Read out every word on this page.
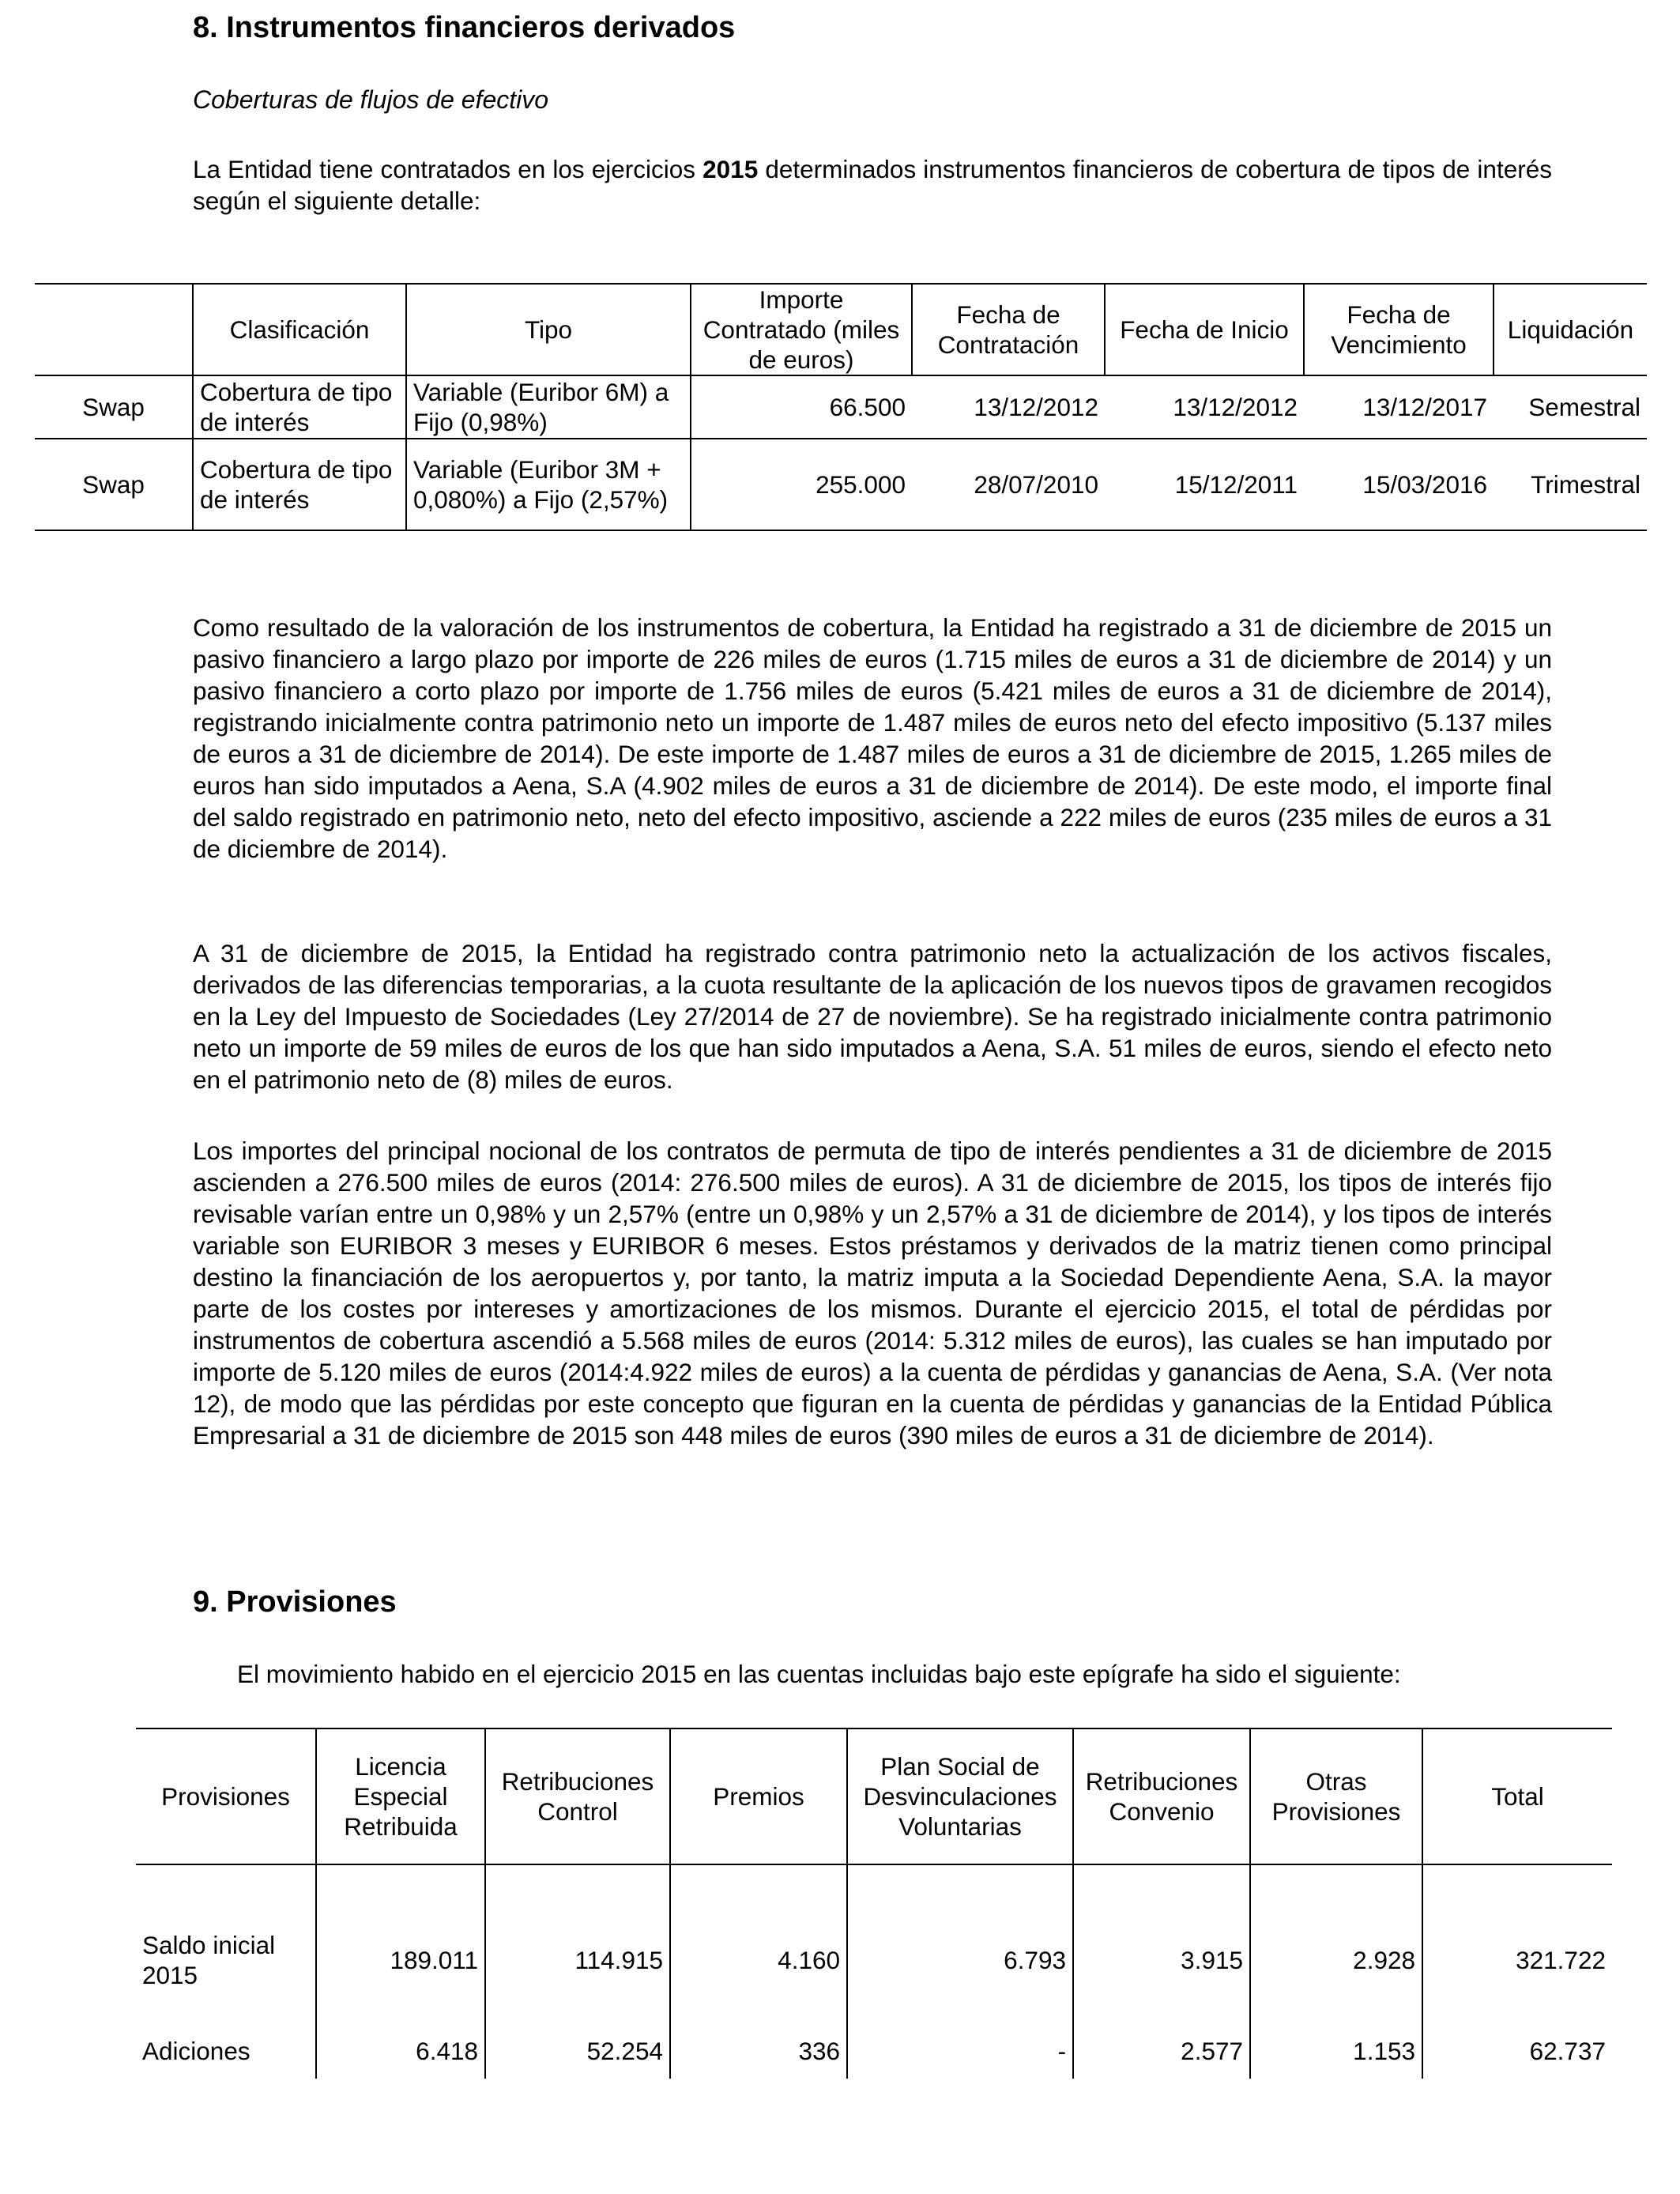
8. Instrumentos financieros derivados
Coberturas de flujos de efectivo
La Entidad tiene contratados en los ejercicios 2015 determinados instrumentos financieros de cobertura de tipos de interés según el siguiente detalle:
	Clasificación	Tipo	Importe Contratado (miles de euros)	Fecha de Contratación	Fecha de Inicio	Fecha de Vencimiento	Liquidación
Swap	Cobertura de tipo de interés	Variable (Euribor 6M) a Fijo (0,98%)	66.500	13/12/2012	13/12/2012	13/12/2017	Semestral
Swap	Cobertura de tipo de interés	Variable (Euribor 3M + 0,080%) a Fijo (2,57%)	255.000	28/07/2010	15/12/2011	15/03/2016	Trimestral
Como resultado de la valoración de los instrumentos de cobertura, la Entidad ha registrado a 31 de diciembre de 2015 un pasivo financiero a largo plazo por importe de 226 miles de euros (1.715 miles de euros a 31 de diciembre de 2014) y un pasivo financiero a corto plazo por importe de 1.756 miles de euros (5.421 miles de euros a 31 de diciembre de 2014), registrando inicialmente contra patrimonio neto un importe de 1.487 miles de euros neto del efecto impositivo (5.137 miles de euros a 31 de diciembre de 2014). De este importe de 1.487 miles de euros a 31 de diciembre de 2015, 1.265 miles de euros han sido imputados a Aena, S.A (4.902 miles de euros a 31 de diciembre de 2014). De este modo, el importe final del saldo registrado en patrimonio neto, neto del efecto impositivo, asciende a 222 miles de euros (235 miles de euros a 31 de diciembre de 2014).
A 31 de diciembre de 2015, la Entidad ha registrado contra patrimonio neto la actualización de los activos fiscales, derivados de las diferencias temporarias, a la cuota resultante de la aplicación de los nuevos tipos de gravamen recogidos en la Ley del Impuesto de Sociedades (Ley 27/2014 de 27 de noviembre). Se ha registrado inicialmente contra patrimonio neto un importe de 59 miles de euros de los que han sido imputados a Aena, S.A. 51 miles de euros, siendo el efecto neto en el patrimonio neto de (8) miles de euros.
Los importes del principal nocional de los contratos de permuta de tipo de interés pendientes a 31 de diciembre de 2015 ascienden a 276.500 miles de euros (2014: 276.500 miles de euros). A 31 de diciembre de 2015, los tipos de interés fijo revisable varían entre un 0,98% y un 2,57% (entre un 0,98% y un 2,57% a 31 de diciembre de 2014), y los tipos de interés variable son EURIBOR 3 meses y EURIBOR 6 meses. Estos préstamos y derivados de la matriz tienen como principal destino la financiación de los aeropuertos y, por tanto, la matriz imputa a la Sociedad Dependiente Aena, S.A. la mayor parte de los costes por intereses y amortizaciones de los mismos. Durante el ejercicio 2015, el total de pérdidas por instrumentos de cobertura ascendió a 5.568 miles de euros (2014: 5.312 miles de euros), las cuales se han imputado por importe de 5.120 miles de euros (2014:4.922 miles de euros) a la cuenta de pérdidas y ganancias de Aena, S.A. (Ver nota 12), de modo que las pérdidas por este concepto que figuran en la cuenta de pérdidas y ganancias de la Entidad Pública Empresarial a 31 de diciembre de 2015 son 448 miles de euros (390 miles de euros a 31 de diciembre de 2014).
9. Provisiones
El movimiento habido en el ejercicio 2015 en las cuentas incluidas bajo este epígrafe ha sido el siguiente:
Provisiones	Licencia Especial Retribuida	Retribuciones Control	Premios	Plan Social de Desvinculaciones Voluntarias	Retribuciones Convenio	Otras Provisiones	Total
Saldo inicial 2015	189.011	114.915	4.160	6.793	3.915	2.928	321.722
Adiciones	6.418	52.254	336	-	2.577	1.153	62.737
